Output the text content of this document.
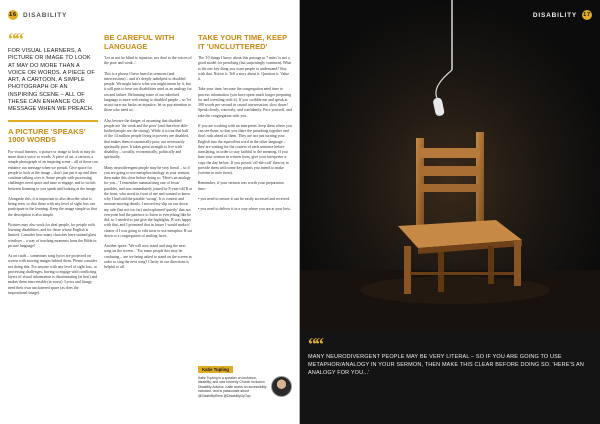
16 DISABILITY
““
FOR VISUAL LEARNERS, A PICTURE OR IMAGE TO LOOK AT MAY DO MORE THAN A VOICE OR WORDS. A PIECE OF ART, A CARTOON, A SIMPLE PHOTOGRAPH OF AN INSPIRING SCENE – ALL OF THESE CAN ENHANCE OUR MESSAGE WHEN WE PREACH.
A PICTURE 'SPEAKS' 1000 WORDS

For visual learners, a picture or image to look at may do more than a voice or words. A piece of art, a cartoon, a simple photograph of an inspiring scene – all of these can enhance our message when we preach. Give space for people to look at the image – don't just put it up and then continue talking over it. Some people with processing challenges need space and time to engage, and to switch between listening to you speak and looking at the image.

Alongside this, it is important to also describe what is being seen, so that those with any level of sight loss can participate in the learning. Keep the image simple so that the description is also simple.

Pictures may also work for deaf people, for people with learning disabilities, and for those whose English is limited. Consider how many churches have stained glass windows – a way of teaching moments from the Bible in picture language!

As on cards – sometimes song lyrics are projected on screen with moving images behind them. Please consider not doing this. For anyone with any level of sight loss, or processing challenges, having to engage with conflicting layers of visual information is disorientating (at best) and makes them inaccessible (at worst). Lyrics and liturgy need their own uncluttered space (as does the inspirational image).

BE CAREFUL WITH LANGUAGE

'Let us not be blind to injustice, nor deaf to the voices of the poor and weak...'

This is a phrase I have heard in sermons (and intercessions) – and it's deeply unhelpful to disabled people. We might know what you might mean by it, but it still puts to bear our disabilities used as an analogy for sin and failure. Reframing some of our inherited language is more welcoming to disabled people – so 'let us not turn our backs on injustice, let us pay attention to those who need us'.

Also beware the danger of assuming that disabled people are 'the weak and the poor' (and therefore able-bodied people are the strong). While it is true that half of the 14 million people living in poverty are disabled, that makes them economically poor, not necessarily spiritually poor. It takes great strength to live with disability – socially, economically, politically and spiritually.

Many neurodivergent people may be very literal – so if you are going to use metaphor/analogy in your sermon, then make this clear before doing so. 'Here's an analogy for you...' I remember summarising one of Jesus' parables, and was immediately joined by 8-year-old R at the front, who stood in front of me and wanted to know why I had told the parable 'wrong'. It is context and sermon-moving details. I moved my slip on our down my side (but not too far) and explained 'quietly' that not everyone had the patience to listen to everything like he did, so I needed to just give the highlights. R was happy with that, and I promised that in future I would make it clearer if I was going to edit facts or use metaphor. R sat down to a congregation of smiling faces.

Another quote: 'We will now stand and sing the next song on the screen...' For some people this may be confusing – are we being asked to stand on the screen in order to sing the next song? Clarity in our directions is helpful to all.

TAKE YOUR TIME, KEEP IT 'UNCLUTTERED'

The '10 things I know about this passage in 7 mins' is not a good model for preaching (but surprisingly common). What is the one key thing you want people to understand? Stay with that. Notice it. Tell a story about it. Question it. Value it.

Take your time, because the congregation need time to process information (you have spent much longer preparing for and wrestling with it). If you scribble me and speak at 300 words per second in casual conversation, slow down! Speak clearly, concisely, and confidently. Pace yourself, and take the congregation with you.

If you are working with an interpreter, keep them where you can see them, so that you share the preaching together and don't rush ahead of them. They are not just turning your English into the equivalent word in the other language – they are waiting for the context of each sentence before translating, in order to stay faithful to the meaning. If you hate your sermon in written form, give your interpreter a copy the day before. If you preach 'off-the-cuff' then try to provide them with some key points you intend to make (written in note form).

Remember, if your sermon was worth your preparation time:

• you need to ensure it can be easily accessed and received.
• you need to deliver it in a way where you are at your best.
Katie Tupling
Katie Tupling is a speaker on inclusion, disability, and was formerly Church Inclusion Disability Advisor. Katie works on accessibility inclusion, and is passionate about @DisabilityRevs @DisabilityUpTop
DISABILITY 17
““
MANY NEURODIVERGENT PEOPLE MAY BE VERY LITERAL – SO IF YOU ARE GOING TO USE METAPHOR/ANALOGY IN YOUR SERMON, THEN MAKE THIS CLEAR BEFORE DOING SO. 'HERE'S AN ANALOGY FOR YOU...'
